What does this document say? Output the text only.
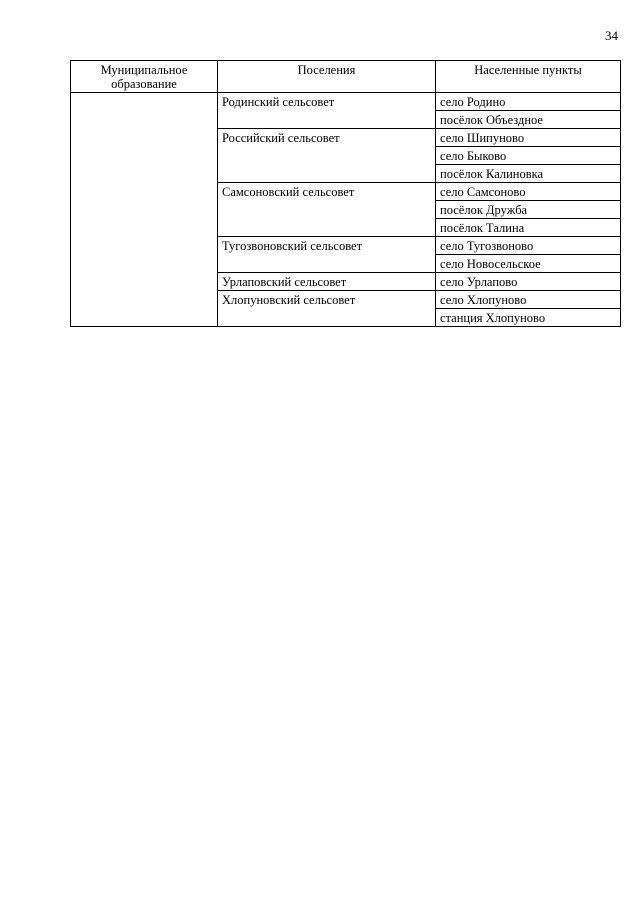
34
Муниципальное образование	Поселения	Населенные пункты
	Родинский сельсовет	село Родино
		посёлок Объездное
	Российский сельсовет	село Шипуново
		село Быково
		посёлок Калиновка
	Самсоновский сельсовет	село Самсоново
		посёлок Дружба
		посёлок Талина
	Тугозвоновский сельсовет	село Тугозвоново
		село Новосельское
	Урлаповский сельсовет	село Урлапово
	Хлопуновский сельсовет	село Хлопуново
		станция Хлопуново
